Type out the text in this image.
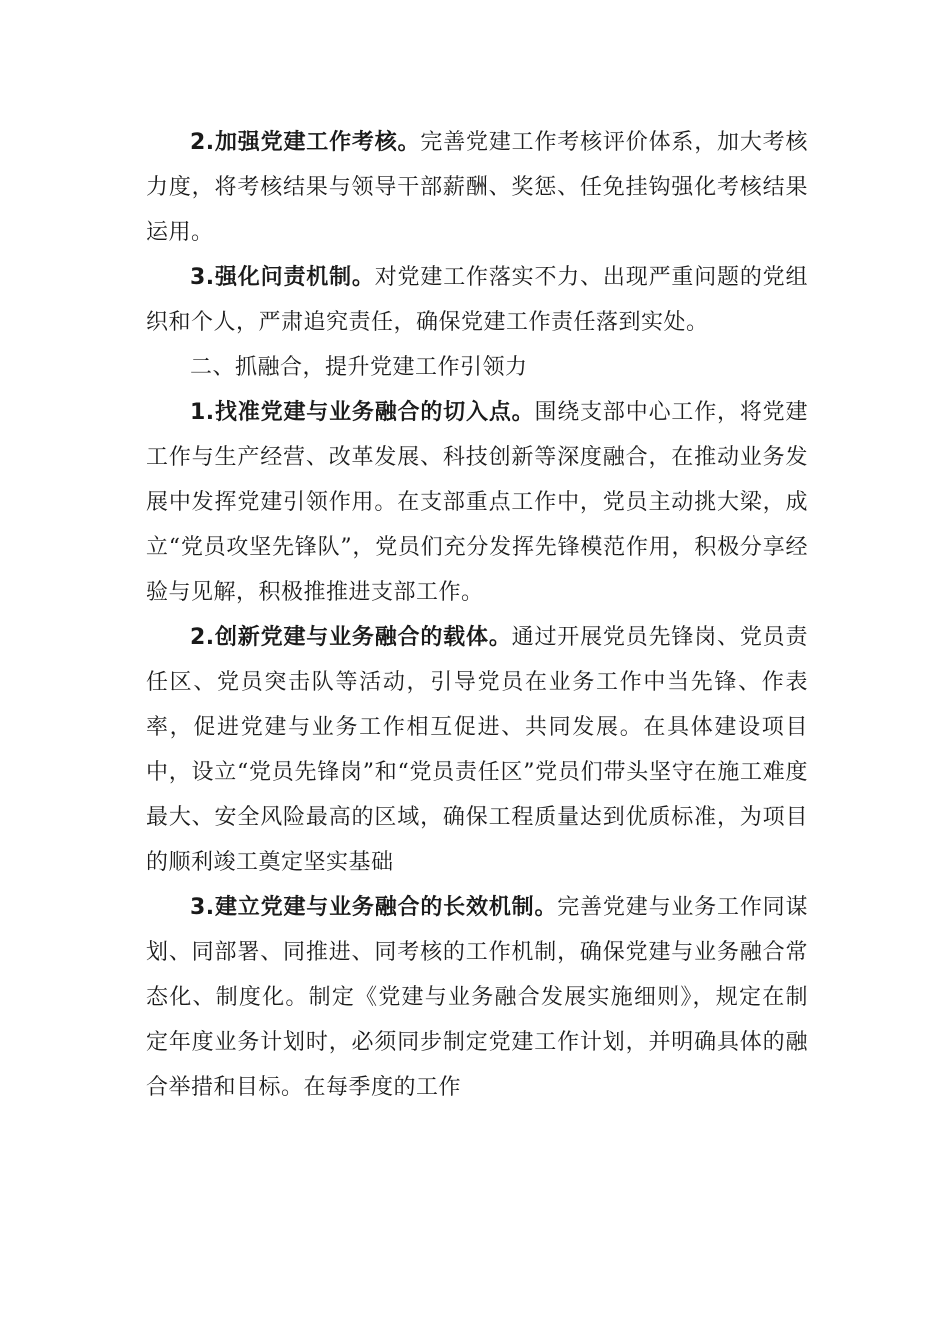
2.加强党建工作考核。完善党建工作考核评价体系，加大考核力度，将考核结果与领导干部薪酬、奖惩、任免挂钩强化考核结果运用。

3.强化问责机制。对党建工作落实不力、出现严重问题的党组织和个人，严肃追究责任，确保党建工作责任落到实处。

二、抓融合，提升党建工作引领力

1.找准党建与业务融合的切入点。围绕支部中心工作，将党建工作与生产经营、改革发展、科技创新等深度融合，在推动业务发展中发挥党建引领作用。在支部重点工作中，党员主动挑大梁，成立“党员攻坚先锋队”，党员们充分发挥先锋模范作用，积极分享经验与见解，积极推推进支部工作。

2.创新党建与业务融合的载体。通过开展党员先锋岗、党员责任区、党员突击队等活动，引导党员在业务工作中当先锋、作表率，促进党建与业务工作相互促进、共同发展。在具体建设项目中，设立“党员先锋岗”和“党员责任区”党员们带头坚守在施工难度最大、安全风险最高的区域，确保工程质量达到优质标准，为项目的顺利竣工奠定坚实基础

3.建立党建与业务融合的长效机制。完善党建与业务工作同谋划、同部署、同推进、同考核的工作机制，确保党建与业务融合常态化、制度化。制定《党建与业务融合发展实施细则》，规定在制定年度业务计划时，必须同步制定党建工作计划，并明确具体的融合举措和目标。在每季度的工作
